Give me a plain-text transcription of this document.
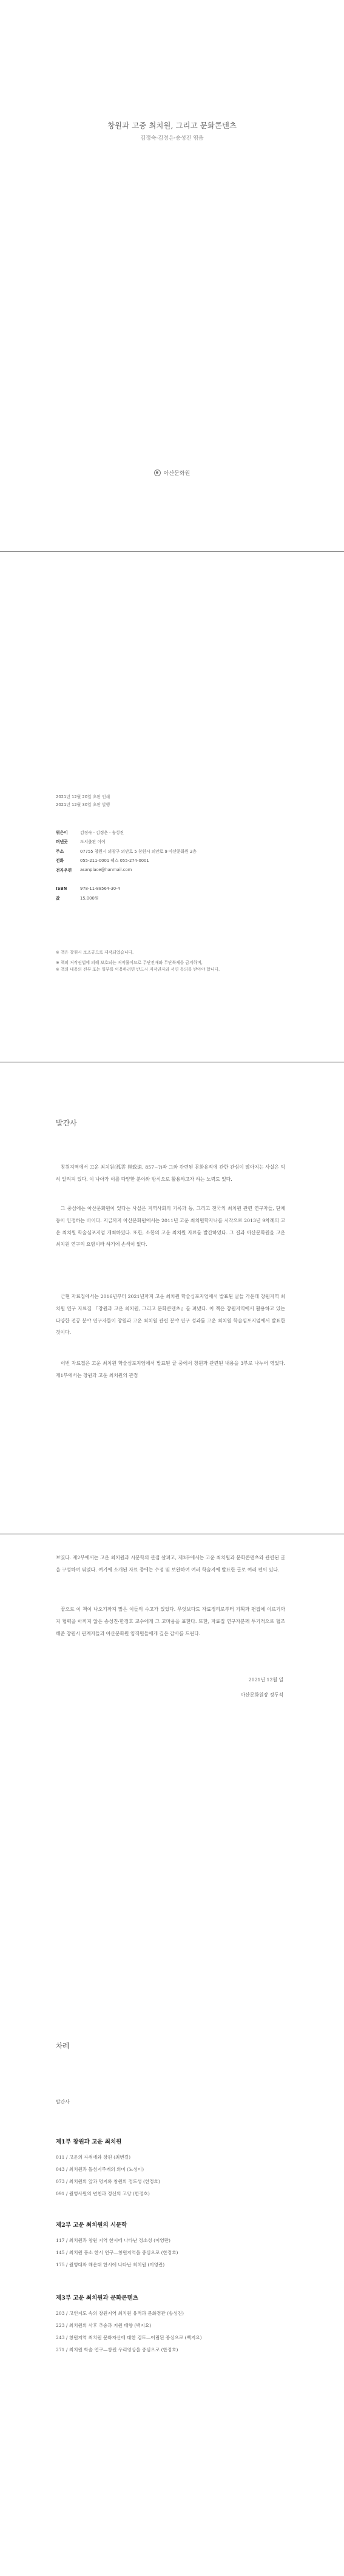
창원과 고중 최치원, 그리고 문화콘텐츠
김정숙·김정은·송성진 엮음
아산문화원
2021년 12월 20일 초판 인쇄
2021년 12월 30일 초판 발행
엮은이	김정숙 · 김정은 · 송성진
펴낸곳	도서출판 이어
주소	07755 창원시 의창구 의안로 5 창원시 의안로 9 아산문화원 2층
전화	055-211-0001 팩스 055-274-0001
전자우편	asanplace@hanmail.com
ISBN	978-11-88564-30-4
값	15,000원
※ 책은 창원시 보조금으로 제작되었습니다.
※ 책의 저작권법에 의해 보호되는 저작물이므로 무단전재와 무단복제를 금지하며,
※ 책의 내용의 전부 또는 일부를 이용하려면 반드시 저작권자와 서면 동의를 받아야 합니다.
발간사
창원지역에서 고운 최치원(孤雲 崔致遠, 857~?)과 그와 관련된 문화유적에 관한 관심이 많아지는 사실은 익히 알려져 있다. 이 나아가 이를 다양한 분야와 방식으로 활용하고자 하는 노력도 있다.
그 중심에는 아산문화원이 있다는 사실은 지역사회의 기록과 동, 그리고 전국의 최치원 관련 연구자들, 단체 등이 인정하는 바이다. 지금까지 아산문화원에서는 2011년 고운 최치원학자나를 시작으로 2013년 9차례의 고운 최치원 학술심포지엄 개최하였다. 또한, 소한의 고운 최치원 자료를 발간하였다. 그 결과 아산문화원을 고운 최치원 연구의 요람이라 하기에 손색이 없다.
근현 자료집에서는 2016년부터 2021년까지 고운 최치원 학술심포지엄에서 발표된 글들 가운데 창원지역 최치원 연구 자료집 『창원과 고운 최치원, 그리고 문화콘텐츠』를 펴냈다. 이 책은 창원지역에서 활용하고 있는 다양한 전공 분야 연구자들이 창원과 고운 최치원 관련 분야 연구 성과를 고운 최치원 학술심포지엄에서 발표한 것이다.
이번 자료집은 고운 최치원 학술심포지엄에서 발표된 글 중에서 창원과 관련된 내용을 3부로 나누어 엮었다. 제1부에서는 창원과 고운 최치원의 관점
보였다. 제2부에서는 고운 최치원과 시문학의 관점 살펴고, 제3부에서는 고운 최치원과 문화콘텐츠와 관련된 글을 구성하여 엮었다. 여기에 소개된 자료 중에는 수정 및 보완하여 여러 학술지에 발표한 글로 여러 편이 있다.
끝으로 이 책이 나오기까지 많은 이들의 수고가 있었다. 무엇보다도 자료정리로부터 기획과 편집에 이르기까지 협력을 아끼지 않은 송성진·한정호 교수에게 그 고마움을 표한다. 또한, 자료집 연구자분께 투기적으로 협조해준 창원시 관계자들과 아산문화원 임직원들에게 깊은 감사를 드린다.
2021년 12월 일
아산문화원장 정두석
차례
발간사
제1부 창원과 고운 최치원
011 / 고운의 자취에와 창원 (최변걸)
043 / 최치원과 돌섬지주께의 의미 (노성미)
073 / 최치원의 앞과 명지와 창원의 정도성 (한정호)
091 / 월영사원의 변천과 정신의 고양 (한정호)
제2부 고운 최치원의 시문학
117 / 최치원과 창원 지역 한시에 나타난 정소성 (이영란)
145 / 최치원 풍소 한시 연구—창원지역을 중심으로 (한정호)
175 / 월영대와 해운대 한시에 나타난 최치원 (이영란)
제3부 고운 최치원과 문화콘텐츠
203 / 고인지도 속의 창원지역 최치원 유적과 문화경관 (송성진)
223 / 최치원의 사후 추숭과 지원 배향 (백지요)
243 / 창원지역 최치원 문화자산에 대한 검토—어림된 중심으로 (백지요)
271 / 최치원 학술 연구—창원 우리영상을 중심으로 (한정호)
